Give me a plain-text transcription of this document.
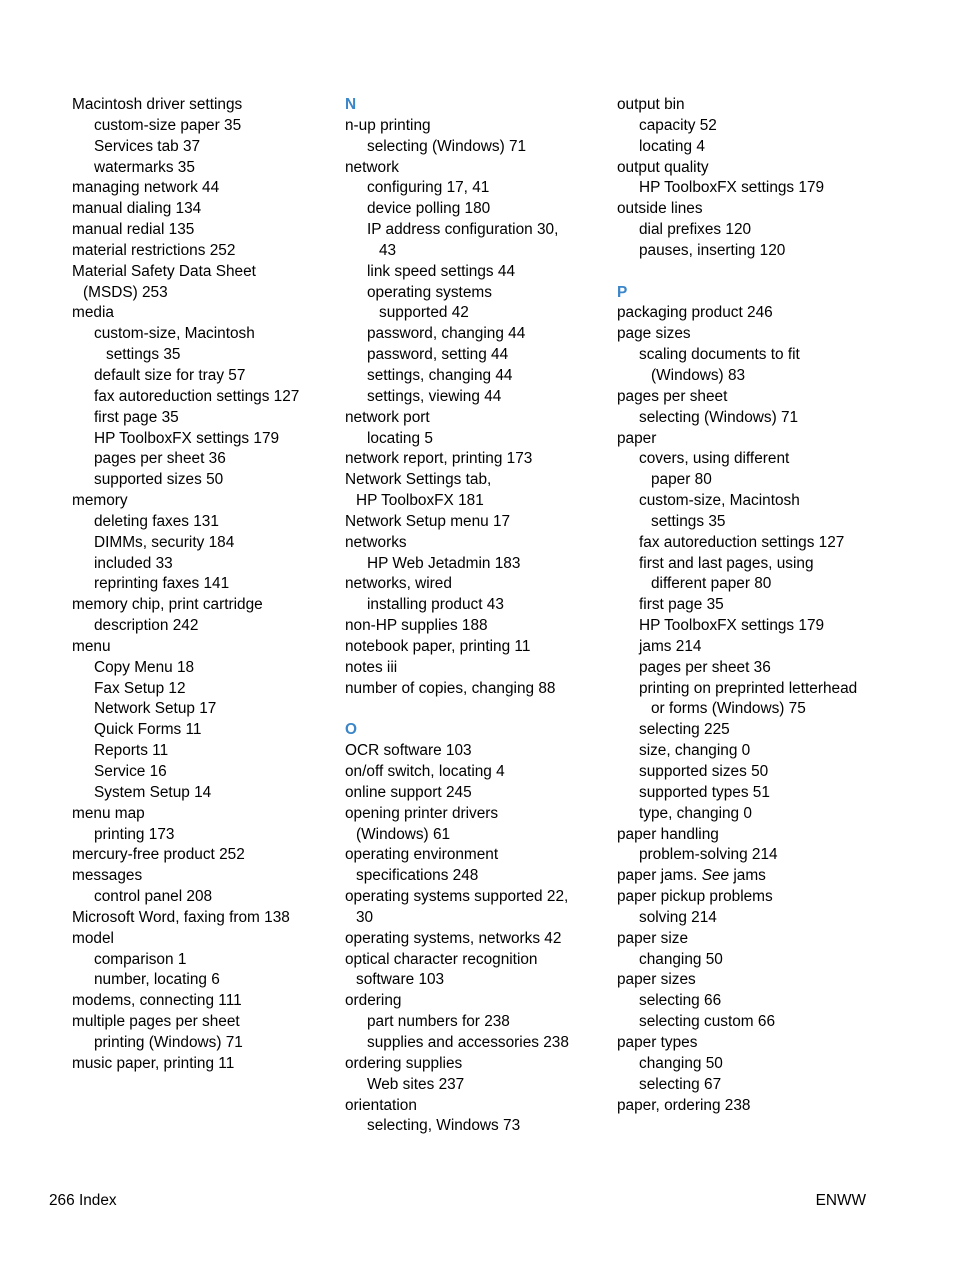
Macintosh driver settings
custom-size paper 35
Services tab 37
watermarks 35
managing network 44
manual dialing 134
manual redial 135
material restrictions 252
Material Safety Data Sheet
(MSDS) 253
media
custom-size, Macintosh
settings 35
default size for tray 57
fax autoreduction settings 127
first page 35
HP ToolboxFX settings 179
pages per sheet 36
supported sizes 50
memory
deleting faxes 131
DIMMs, security 184
included 33
reprinting faxes 141
memory chip, print cartridge
description 242
menu
Copy Menu 18
Fax Setup 12
Network Setup 17
Quick Forms 11
Reports 11
Service 16
System Setup 14
menu map
printing 173
mercury-free product 252
messages
control panel 208
Microsoft Word, faxing from 138
model
comparison 1
number, locating 6
modems, connecting 111
multiple pages per sheet
printing (Windows) 71
music paper, printing 11
N
n-up printing
selecting (Windows) 71
network
configuring 17, 41
device polling 180
IP address configuration 30,
43
link speed settings 44
operating systems
supported 42
password, changing 44
password, setting 44
settings, changing 44
settings, viewing 44
network port
locating 5
network report, printing 173
Network Settings tab,
HP ToolboxFX 181
Network Setup menu 17
networks
HP Web Jetadmin 183
networks, wired
installing product 43
non-HP supplies 188
notebook paper, printing 11
notes iii
number of copies, changing 88
O
OCR software 103
on/off switch, locating 4
online support 245
opening printer drivers
(Windows) 61
operating environment
specifications 248
operating systems supported 22,
30
operating systems, networks 42
optical character recognition
software 103
ordering
part numbers for 238
supplies and accessories 238
ordering supplies
Web sites 237
orientation
selecting, Windows 73
output bin
capacity 52
locating 4
output quality
HP ToolboxFX settings 179
outside lines
dial prefixes 120
pauses, inserting 120
P
packaging product 246
page sizes
scaling documents to fit
(Windows) 83
pages per sheet
selecting (Windows) 71
paper
covers, using different
paper 80
custom-size, Macintosh
settings 35
fax autoreduction settings 127
first and last pages, using
different paper 80
first page 35
HP ToolboxFX settings 179
jams 214
pages per sheet 36
printing on preprinted letterhead
or forms (Windows) 75
selecting 225
size, changing 0
supported sizes 50
supported types 51
type, changing 0
paper handling
problem-solving 214
paper jams. See jams
paper pickup problems
solving 214
paper size
changing 50
paper sizes
selecting 66
selecting custom 66
paper types
changing 50
selecting 67
paper, ordering 238
266 Index	ENWW
